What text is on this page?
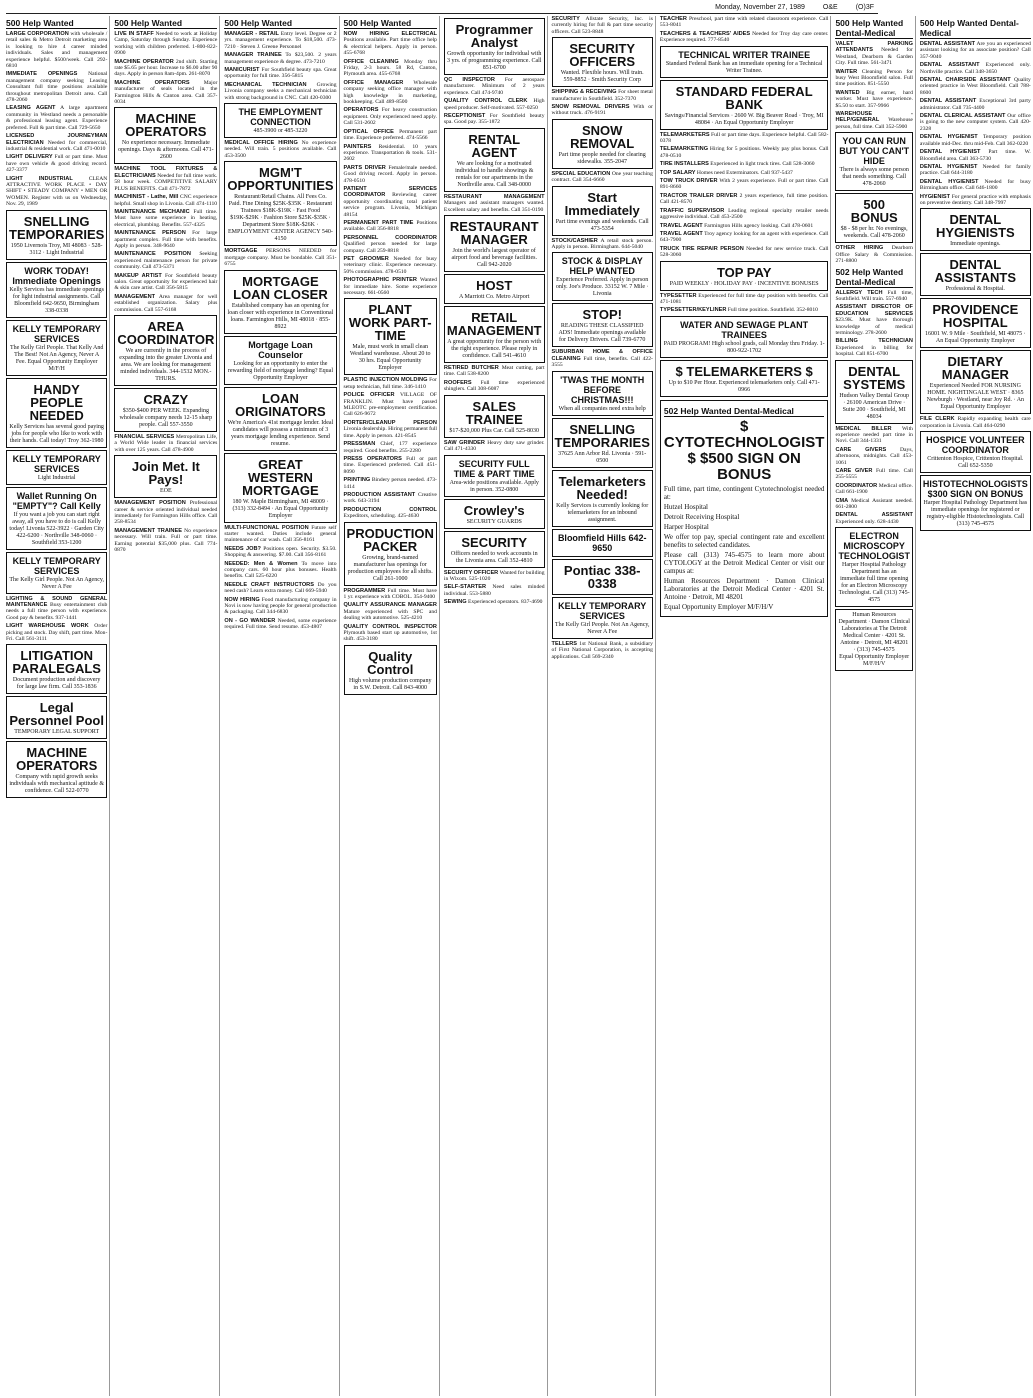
Monday, November 27, 1989	O&E	(O)3F
500 Help Wanted

LARGE CORPORATION with wholesale / retail sales & Metro Detroit marketing area is looking to hire 4 career minded individuals. Sales and management experience helpful. $500/week. Call 292-6810

IMMEDIATE OPENINGS National management company seeking Leasing Consultant full time positions available throughout metropolitan Detroit area. Call 478-2060

LEASING AGENT A large apartment community in Westland needs a personable & professional leasing agent. Experience preferred. Full & part time. Call 729-5650

LICENSED JOURNEYMAN ELECTRICIAN Needed for commercial, industrial & residential work. Call 471-0010

LIGHT DELIVERY Full or part time. Must have own vehicle & good driving record. 427-3377

LIGHT INDUSTRIAL	CLEAN ATTRACTIVE WORK PLACE • DAY SHIFT • STEADY COMPANY • MEN OR WOMEN. Register with us on Wednesday, Nov. 29, 1989

SNELLING TEMPORARIES
1950 Livernois Troy, MI 48083 · 528-3112 · Light Industrial
WORK TODAY! Immediate Openings
Kelly Services has immediate openings for light industrial assignments. Call Bloomfield 642-9650, Birmingham 338-0338
KELLY TEMPORARY SERVICES
The Kelly Girl People. That Kelly And The Best! Not An Agency, Never A Fee. Equal Opportunity Employer M/F/H
HANDY PEOPLE NEEDED
Kelly Services has several good paying jobs for people who like to work with their hands. Call today! Troy 362-1980
KELLY TEMPORARY SERVICES
Light Industrial
Wallet Running On "EMPTY"? Call Kelly
If you want a job you can start right away, all you have to do is call Kelly today! Livonia 522-3922 · Garden City 422-6200 · Northville 348-0060 · Southfield 353-1200
KELLY TEMPORARY SERVICES
The Kelly Girl People. Not An Agency, Never A Fee

LIGHTING & SOUND GENERAL MAINTENANCE Busy entertainment club needs a full time person with experience. Good pay & benefits. 937-1441

LIGHT WAREHOUSE WORK Order picking and stock. Day shift, part time. Mon-Fri. Call 561-3111

LITIGATION PARALEGALS
Document production and discovery for large law firm. Call 353-1836
Legal Personnel Pool
TEMPORARY LEGAL SUPPORT
MACHINE OPERATORS
Company with rapid growth seeks individuals with mechanical aptitude & confidence. Call 522-0770
500 Help Wanted

LIVE IN STAFF Needed to work at Holiday Camp, Saturday through Sunday. Experience working with children preferred. 1-800-822-0900

MACHINE OPERATOR 2nd shift. Starting rate $5.65 per hour. Increase to $6.00 after 90 days. Apply in person 8am-4pm. 261-8070

MACHINE OPERATORS	Major manufacturer of seals located in the Farmington Hills & Canton area. Call 357-0034

MACHINE OPERATORS
No experience necessary. Immediate openings. Days & afternoons. Call 471-2600

MACHINE TOOL FIXTURES & ELECTRICIANS Needed for full time work. 58 hour week. COMPETITIVE SALARY PLUS BENEFITS. Call 471-7872

MACHINIST - Lathe, Mill CNC experience helpful. Small shop in Livonia. Call 474-1110

MAINTENANCE MECHANIC Full time. Must have some experience in heating, electrical, plumbing. Benefits. 557-4325

MAINTENANCE PERSON For large apartment complex. Full time with benefits. Apply in person. 348-9640

MAINTENANCE POSITION Seeking experienced maintenance person for private community. Call 473-5371

MAKEUP ARTIST For Southfield beauty salon. Great opportunity for experienced hair & skin care artist. Call 356-5815

MANAGEMENT Area manager for well established organization. Salary plus commission. Call 557-6168

AREA COORDINATOR
We are currently in the process of expanding into the greater Livonia and area. We are looking for management minded individuals. 344-1532 MON.-THURS.
CRAZY
$350-$400 PER WEEK. Expanding wholesale company needs 12-15 sharp people. Call 557-3550

FINANCIAL SERVICES Metropolitan Life, a World Wide leader in financial services with over 125 years. Call 478-4900

Join Met. It Pays!
EOE

MANAGEMENT POSITION Professional career & service oriented individual needed immediately for Farmington Hills office. Call 258-8534

MANAGEMENT TRAINEE No experience necessary. Will train. Full or part time. Earning potential $35,000 plus. Call 774-0870

500 Help Wanted

MANAGER - RETAIL Entry level. Degree or 2 yrs. management experience. To $18,500. 473-7210 · Steven J. Greene Personnel

MANAGER TRAINEE To $23,500. 2 years management experience & degree. 473-7210

MANICURIST For Southfield beauty spa. Great opportunity for full time. 356-5815

MECHANICAL TECHNICIAN Growing Livonia company seeks a mechanical technician with strong background in CNC. Call 420-0300

THE EMPLOYMENT CONNECTION
485-3900 or 485-3220

MEDICAL OFFICE HIRING No experience needed. Will train. 5 positions available. Call 453-3500

MGM'T OPPORTUNITIES
Restaurant/Retail Chains. All Fees Co. Paid. Fine Dining $25K-$35K · Restaurant Trainees $18K-$19K · Fast Food $19K-$29K · Fashion Store $25K-$35K · Department Store $18K-$26K · EMPLOYMENT CENTER AGENCY 540-4150

MORTGAGE PERSONS NEEDED for mortgage company. Must be bondable. Call 351-6755

MORTGAGE LOAN CLOSER
Established company has an opening for loan closer with experience in Conventional loans. Farmington Hills, MI 48018 · 855-8922
Mortgage Loan Counselor
Looking for an opportunity to enter the rewarding field of mortgage lending? Equal Opportunity Employer
LOAN ORIGINATORS
We're America's 41st mortgage lender. Ideal candidates will possess a minimum of 3 years mortgage lending experience. Send resume.
GREAT WESTERN MORTGAGE
180 W. Maple Birmingham, MI 48009 · (313) 332-8494 · An Equal Opportunity Employer

MULTI-FUNCTIONAL POSITION Future self starter wanted. Duties include general maintenance of car wash. Call 356-8161

NEEDS JOB? Positions open. Security. $3.50. Shopping & answering. $7.00. Call 356-8161

NEEDED: Men & Women To move into company cars. 60 hour plus bonuses. Health benefits. Call 525-6220

NEEDLE CRAFT INSTRUCTORS Do you need cash? Learn extra money. Call 669-5940

NOW HIRING Food manufacturing company in Novi is now having people for general production & packaging. Call 344-6830

ON - GO WANDER Needed, some experience required. Full time. Send resume. 453-4807

500 Help Wanted

NOW HIRING ELECTRICAL Positions available. Part time office help & electrical helpers. Apply in person. 455-6768

OFFICE CLEANING Monday thru Friday, 2-3 hours. 58 Rd, Canton, Plymouth area. 455-6768

OFFICE MANAGER Wholesale company seeking office manager with high knowledge in marketing, bookkeeping. Call 489-8500

OPERATORS For heavy construction equipment. Only experienced need apply. Call 531-2602

OPTICAL OFFICE Permanent part time. Experience preferred. 474-5566

PAINTERS Residential. 10 years experience. Transportation & tools. 531-2602

PARTS DRIVER Female/male needed. Good driving record. Apply in person. 478-0510

PATIENT SERVICES COORDINATOR Reviewing career opportunity coordinating total patient service program. Livonia, Michigan 48154

PERMANENT PART TIME Positions available. Call 356-8818

PERSONNEL COORDINATOR Qualified person needed for large company. Call 259-8818

PET GROOMER Needed for busy veterinary clinic. Experience necessary. 50% commission. 478-0510

PHOTOGRAPHIC PRINTER Wanted for immediate hire. Some experience necessary. 661-0560

PLANT WORK PART-TIME
Male, must work in small clean Westland warehouse. About 20 to 30 hrs. Equal Opportunity Employer

PLASTIC INJECTION MOLDING For setup technician, full time. 346-1410

POLICE OFFICER VILLAGE OF FRANKLIN. Must have passed MLEOTC pre-employment certification. Call 626-9672

PORTER/CLEANUP PERSON Livonia dealership. Hiring permanent full time. Apply in person. 421-8545

PRESSMAN Chief, 177 experience required. Good benefits. 255-2280

PRESS OPERATORS Full or part time. Experienced preferred. Call 451-8090

PRINTING Bindery person needed. 473-1414

PRODUCTION ASSISTANT Creative work. 643-3194

PRODUCTION CONTROL Expeditors, scheduling. 425-4630

PRODUCTION PACKER
Growing, brand-named manufacturer has openings for production employees for all shifts. Call 261-1000

PROGRAMMER Full time. Must have 1 yr. experience with COBOL. 354-9400

QUALITY ASSURANCE MANAGER Mature experienced with SPC and dealing with automotive. 525-4210

QUALITY CONTROL INSPECTOR Plymouth based start up automotive, 1st shift. 453-3180

Quality Control
High volume production company in S.W. Detroit. Call 843-4000
Programmer Analyst
Growth opportunity for individual with 3 yrs. of programming experience. Call 851-6700

QC INSPECTOR For aerospace manufacturer. Minimum of 2 years experience. Call 474-9740

QUALITY CONTROL CLERK High speed producer. Self-motivated. 557-0250

RECEPTIONIST For Southfield beauty spa. Good pay. 355-1872

RENTAL AGENT
We are looking for a motivated individual to handle showings & rentals for our apartments in the Northville area. Call 348-0000

RESTAURANT MANAGEMENT Managers and assistant managers wanted. Excellent salary and benefits. Call 351-0190

RESTAURANT MANAGER
Join the world's largest operator of airport food and beverage facilities. Call 942-2020
HOST
A Marriott Co. Metro Airport
RETAIL MANAGEMENT
A great opportunity for the person with the right experience. Please reply in confidence. Call 541-4610

RETIRED BUTCHER Meat cutting, part time. Call 538-8200

ROOFERS Full time experienced shinglers. Call 308-6087

SALES TRAINEE
$17-$20,000 Plus Car. Call 525-8030

SAW GRINDER Heavy duty saw grinder. Call 471-4330

SECURITY FULL TIME & PART TIME
Area-wide positions available. Apply in person. 352-0800
Crowley's
SECURITY GUARDS
SECURITY
Officers needed to work accounts in the Livonia area. Call 352-4810

SECURITY OFFICER Wanted for building in Wixom. 525-1020

SELF-STARTER Need sales minded individual. 553-5880

SEWING Experienced operators. 837-4690

SECURITY Allstate Security, Inc. is currently hiring for full & part time security officers. Call 523-8848

SECURITY OFFICERS
Wanted. Flexible hours. Will train. 559-8852 · Smith Security Corp

SHIPPING & RECEIVING For sheet metal manufacturer in Southfield. 352-7370

SNOW REMOVAL DRIVERS With or without truck. 476-9191

SNOW REMOVAL
Part time people needed for clearing sidewalks. 355-2047

SPECIAL EDUCATION One year teaching contract. Call 354-6660

Start Immediately
Part time evenings and weekends. Call 473-5354

STOCK/CASHIER A retail stock person. Apply in person. Birmingham. 644-5040

STOCK & DISPLAY HELP WANTED
Experience Preferred. Apply in person only. Joe's Produce. 33152 W. 7 Mile · Livonia
STOP!
READING THESE CLASSIFIED ADS! Immediate openings available for Delivery Drivers. Call 739-6770

SUBURBAN HOME & OFFICE CLEANING Full time, benefits. Call 422-3555

'TWAS THE MONTH BEFORE CHRISTMAS!!!
When all companies need extra help
SNELLING TEMPORARIES
37625 Ann Arbor Rd. Livonia · 591-0500
Telemarketers Needed!
Kelly Services is currently looking for telemarketers for an inbound assignment.
Bloomfield Hills 642-9650
Pontiac 338-0338
KELLY TEMPORARY SERVICES
The Kelly Girl People. Not An Agency, Never A Fee

TELLERS 1st National Bank, a subsidiary of First National Corporation, is accepting applications. Call 569-2340

TEACHER Preschool, part time with related classroom experience. Call 553-8041

TEACHERS & TEACHERS' AIDES Needed for Troy day care center. Experience required. 777-8540

TECHNICAL WRITER TRAINEE
Standard Federal Bank has an immediate opening for a Technical Writer Trainee.
STANDARD FEDERAL BANK
Savings/Financial Services · 2600 W. Big Beaver Road · Troy, MI 48084 · An Equal Opportunity Employer

TELEMARKETERS Full or part time days. Experience helpful. Call 582-0378

TELEMARKETING Hiring for 5 positions. Weekly pay plus bonus. Call 478-0510

TIRE INSTALLERS Experienced in light truck tires. Call 528-3060

TOP SALARY Homes need Exterminators. Call 937-5437

TOW TRUCK DRIVER With 2 years experience. Full or part time. Call 891-8660

TRACTOR TRAILER DRIVER 2 years experience, full time position. Call 421-8570

TRAFFIC SUPERVISOR Leading regional specialty retailer needs aggressive individual. Call 453-2500

TRAVEL AGENT Farmington Hills agency looking. Call 478-0601

TRAVEL AGENT Troy agency looking for an agent with experience. Call 643-7900

TRUCK TIRE REPAIR PERSON Needed for new service truck. Call 528-3060

TOP PAY
PAID WEEKLY · HOLIDAY PAY · INCENTIVE BONUSES

TYPESETTER Experienced for full time day position with benefits. Call 471-1081

TYPESETTER/KEYLINER Full time position. Southfield. 352-8010

WATER AND SEWAGE PLANT TRAINEES
PAID PROGRAM! High school grads, call Monday thru Friday. 1-800-922-1702
$ TELEMARKETERS $
Up to $10 Per Hour. Experienced telemarketers only. Call 471-0966
502 Help Wanted Dental-Medical
$ CYTOTECHNOLOGIST $ $500 SIGN ON BONUS

Full time, part time, contingent Cytotechnologist needed at:

Hutzel Hospital

Detroit Receiving Hospital

Harper Hospital

We offer top pay, special contingent rate and excellent benefits to selected candidates.

Please call (313) 745-4575 to learn more about CYTOLOGY at the Detroit Medical Center or visit our campus at:

Human Resources Department · Damon Clinical Laboratories at the Detroit Medical Center · 4201 St. Antoine · Detroit, MI 48201

Equal Opportunity Employer M/F/H/V

500 Help Wanted Dental-Medical

VALET PARKING ATTENDANTS Needed for Westland, Dearborn & Garden City. Full time. 561-3471

WAITER Cleaning Person for busy West Bloomfield salon. Full time position. 851-5550

WANTED Big earner, hard worker. Must have experience. $5.50 to start. 357-9966

WAREHOUSE - HELP/GENERAL Warehouse person, full time. Call 352-5900

YOU CAN RUN BUT YOU CAN'T HIDE
There is always some person that needs something. Call 478-2060
500 BONUS
$8 - $8 per hr. No evenings, weekends. Call 478-2060

OTHER HIRING Dearborn Office Salary & Commission. 271-8800

502 Help Wanted Dental-Medical

ALLERGY TECH Full time, Southfield. Will train. 557-6940

ASSISTANT DIRECTOR OF EDUCATION SERVICES $23.9K. Must have thorough knowledge of medical terminology. 278-2600

BILLING TECHNICIAN Experienced in billing for hospital. Call 851-6700

DENTAL SYSTEMS
Hudson Valley Dental Group · 26100 American Drive · Suite 200 · Southfield, MI 48034

MEDICAL BILLER With experience needed part time in Novi. Call 344-1331

CARE GIVERS Days, afternoons, midnights. Call 453-1061

CARE GIVER Full time. Call 255-5555

COORDINATOR Medical office. Call 661-1900

CMA Medical Assistant needed. 661-2800

DENTAL ASSISTANT Experienced only. 628-4430

ELECTRON MICROSCOPY TECHNOLOGIST
Harper Hospital Pathology Department has an immediate full time opening for an Electron Microscopy Technologist. Call (313) 745-4575
Human Resources Department · Damon Clinical Laboratories at The Detroit Medical Center · 4201 St. Antoine · Detroit, MI 48201 · (313) 745-4575
Equal Opportunity Employer M/F/H/V
500 Help Wanted Dental-Medical

DENTAL ASSISTANT Are you an experienced assistant looking for an associate position? Call 357-9040

DENTAL ASSISTANT Experienced only. Northville practice. Call 348-3650

DENTAL CHAIRSIDE ASSISTANT Quality oriented practice in West Bloomfield. Call 788-8600

DENTAL ASSISTANT Exceptional 3rd party administrator. Call 735-4400

DENTAL CLERICAL ASSISTANT Our office is going to the new computer system. Call 420-2328

DENTAL HYGIENIST Temporary position available mid-Dec. thru mid-Feb. Call 362-0220

DENTAL HYGIENIST Part time. W. Bloomfield area. Call 363-5730

DENTAL HYGIENIST Needed for family practice. Call 644-3180

DENTAL HYGIENIST Needed for busy Birmingham office. Call 646-1800

HYGIENIST For general practice with emphasis on preventive dentistry. Call 348-7997

DENTAL HYGIENISTS
Immediate openings.
DENTAL ASSISTANTS
Professional & Hospital.
PROVIDENCE HOSPITAL
16001 W. 9 Mile · Southfield, MI 48075 · An Equal Opportunity Employer
DIETARY MANAGER
Experienced Needed FOR NURSING HOME. NIGHTINGALE WEST · 8365 Newburgh · Westland, near Joy Rd. · An Equal Opportunity Employer

FILE CLERK Rapidly expanding health care corporation in Livonia. Call 464-0290

HOSPICE VOLUNTEER COORDINATOR
Crittenton Hospice, Crittenton Hospital. Call 652-5350
HISTOTECHNOLOGISTS $300 SIGN ON BONUS
Harper Hospital Pathology Department has immediate openings for registered or registry-eligible Histotechnologists. Call (313) 745-4575
